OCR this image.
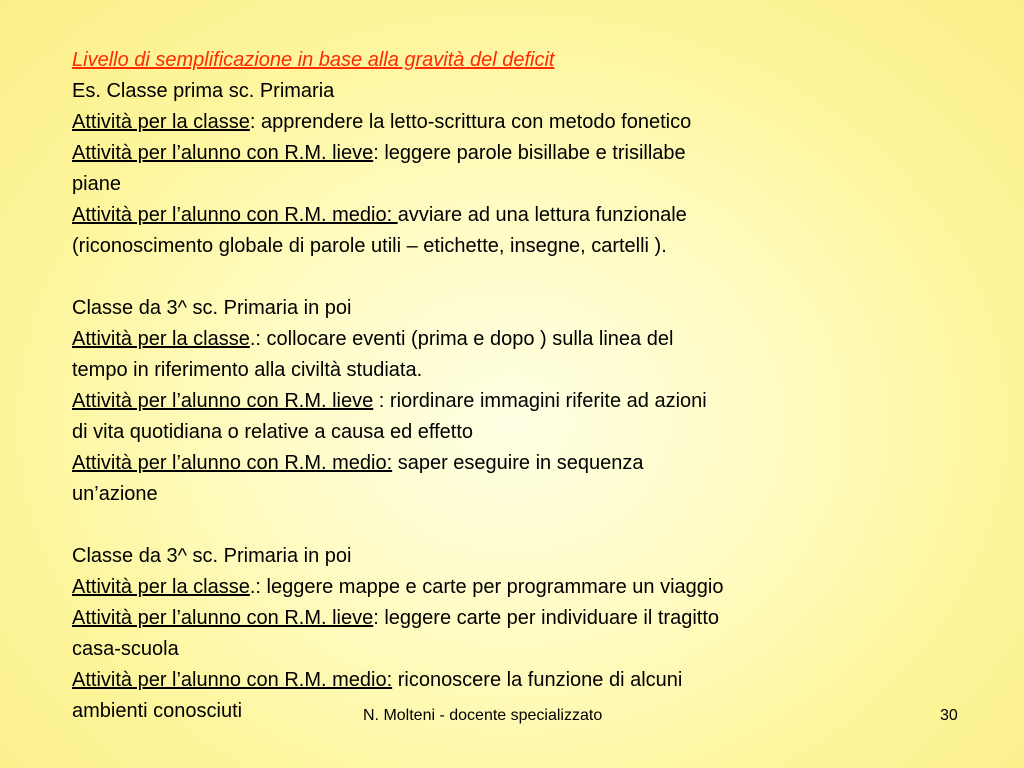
Livello di semplificazione in base alla gravità del deficit
Es. Classe prima sc. Primaria
Attività per la classe: apprendere la letto-scrittura con metodo fonetico
Attività per l’alunno con R.M. lieve: leggere parole bisillabe e trisillabe
piane
Attività per l’alunno con R.M. medio: avviare ad una lettura funzionale
(riconoscimento globale di parole utili – etichette, insegne, cartelli ).
Classe da 3^ sc. Primaria in poi
Attività per la classe.: collocare eventi (prima e dopo ) sulla linea del
tempo in riferimento alla civiltà studiata.
Attività per l’alunno con R.M. lieve : riordinare immagini riferite ad azioni
di vita quotidiana o relative a causa ed effetto
Attività per l’alunno con R.M. medio: saper eseguire in sequenza
un’azione
Classe da 3^ sc. Primaria in poi
Attività per la classe.: leggere mappe e carte per programmare un viaggio
Attività per l’alunno con R.M. lieve: leggere carte per individuare il tragitto
casa-scuola
Attività per l’alunno con R.M. medio: riconoscere la funzione di alcuni
ambienti conosciuti	N. Molteni - docente specializzato	30
